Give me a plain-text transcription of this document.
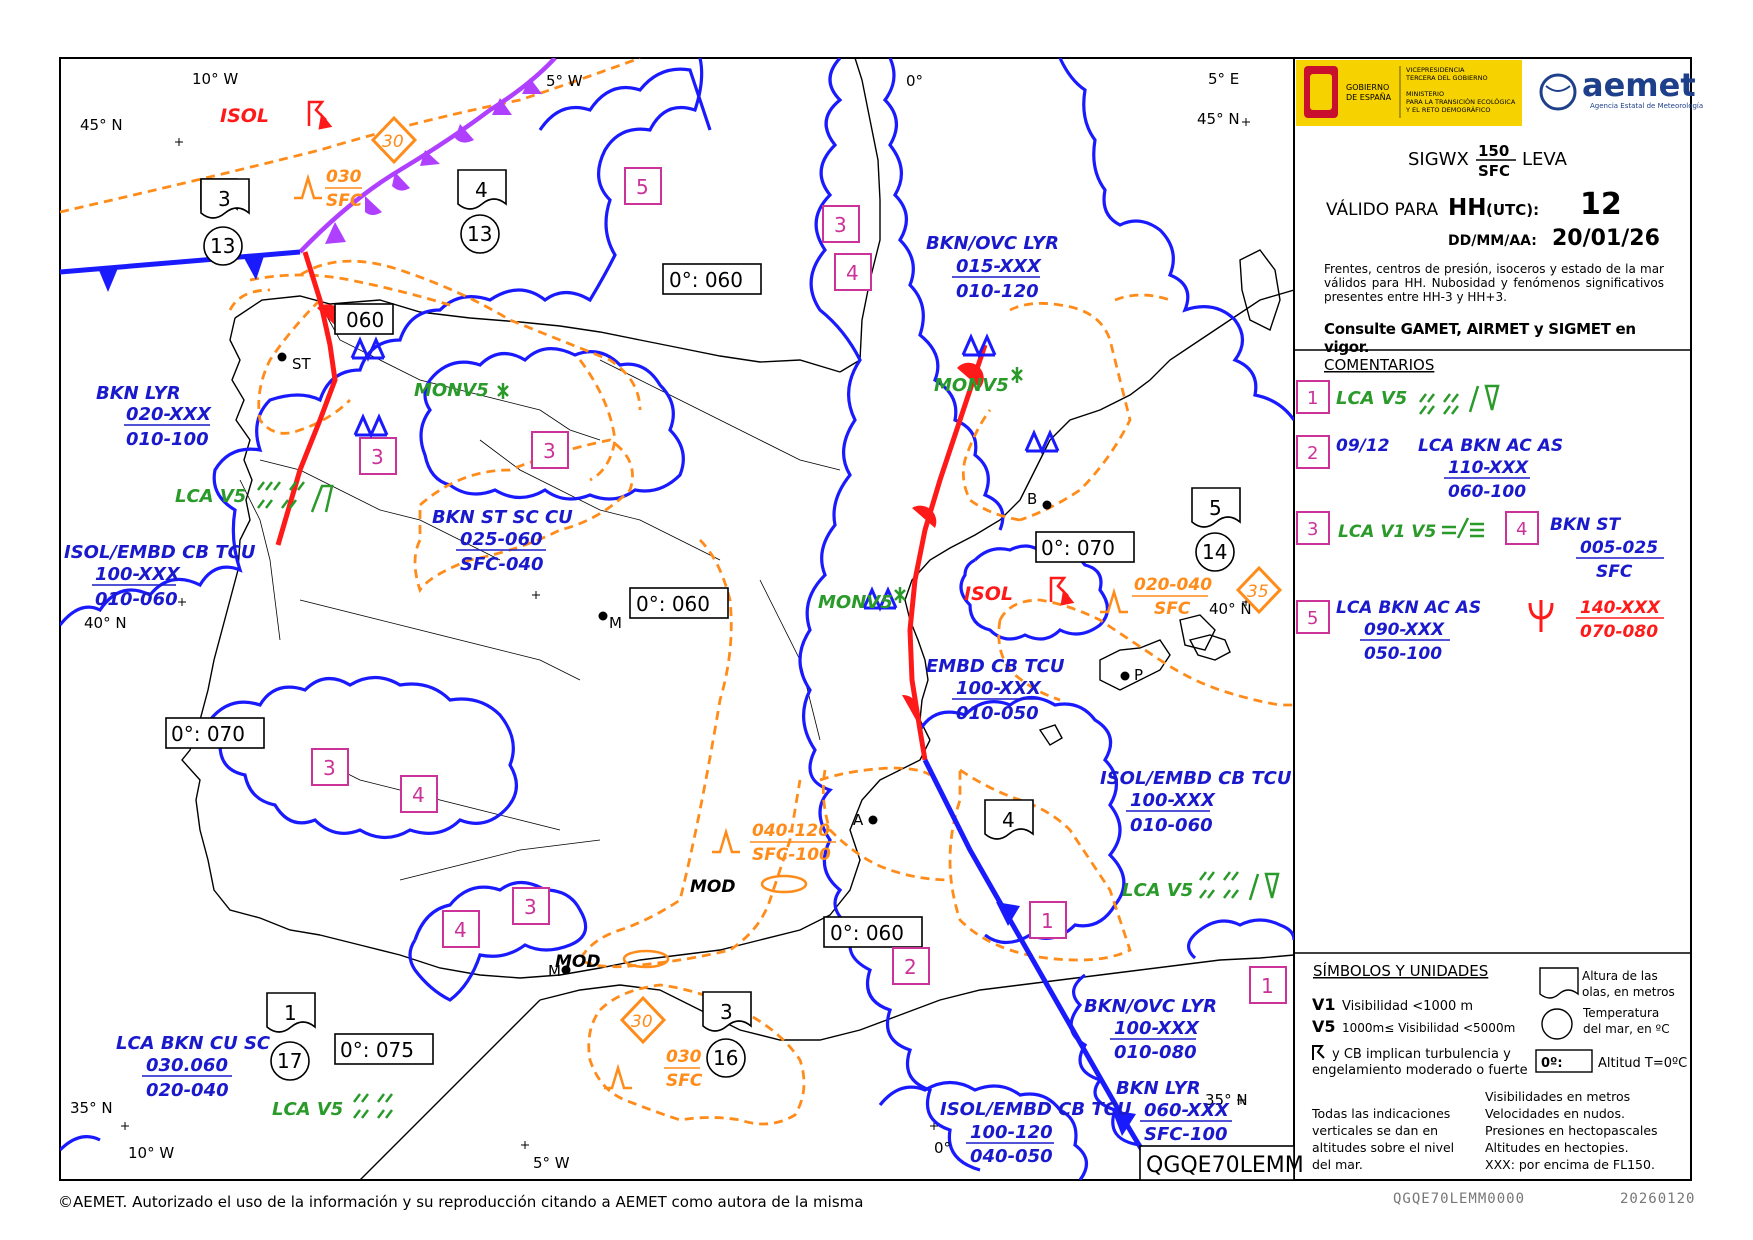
10° W	5° W	0°	5° E
45° N	45° N
40° N
40° N
35° N	35° N
10° W
5° W
0°
ST
M
B
P
A
M
0°: 060
060
0°: 060
0°: 070
0°: 070
0°: 060
0°: 075
5
3
4
3	3
3
4
3
4	1
2
1
3	4
5
4
1	3
13	13
14
17	16
30
35
30
ISOL
030
SFC
BKN LYR
020-XXX
010-100
LCA V5
MONV5
ISOL/EMBD CB TCU
100-XXX
010-060
BKN ST SC CU
025-060
SFC-040
BKN/OVC LYR
015-XXX
010-120
MONV5
MONV5	ISOL	020-040
SFC
EMBD CB TCU
100-XXX
010-050
ISOL/EMBD CB TCU
100-XXX
010-060
LCA V5
040-120
SFC-100
MOD
MOD
BKN/OVC LYR
100-XXX
010-080
BKN LYR
060-XXX
SFC-100
ISOL/EMBD CB TCU
100-120
040-050
LCA BKN CU SC
030.060
020-040
LCA V5
030
SFC
GOBIERNO
DE ESPAÑA
VICEPRESIDENCIA
TERCERA DEL GOBIERNO
MINISTERIO
PARA LA TRANSICIÓN ECOLÓGICA
Y EL RETO DEMOGRÁFICO
aemet
Agencia Estatal de Meteorología
SIGWX 150
SFC
LEVA
VÁLIDO PARA HH (UTC): 12
DD/MM/AA: 20/01/26
COMENTARIOS
1 LCA V5
2 09/12 LCA BKN AC AS
110-XXX
060-100
3 LCA V1 V5	4 BKN ST
005-025
SFC
5 LCA BKN AC AS
090-XXX
050-100
140-XXX
070-080
SÍMBOLOS Y UNIDADES	Altura de las
olas, en metros
V1 Visibilidad <1000 m
V5 1000m≤ Visibilidad <5000m
Temperatura
del mar, en ºC
y CB implican turbulencia y
engelamiento moderado o fuerte 0º:	Altitud T=0ºC
Todas las indicaciones
verticales se dan en
altitudes sobre el nivel
del mar.
Visibilidades en metros
Velocidades en nudos.
Presiones en hectopascales
Altitudes en hectopies.
XXX: por encima de FL150.
QGQE70LEMM
Frentes, centros de presión, isoceros y estado de la mar válidos para HH. Nubosidad y fenómenos significativos presentes entre HH-3 y HH+3.
Consulte GAMET, AIRMET y SIGMET en vigor.
©AEMET. Autorizado el uso de la información y su reproducción citando a AEMET como autora de la misma	QGQE70LEMM0000	20260120
